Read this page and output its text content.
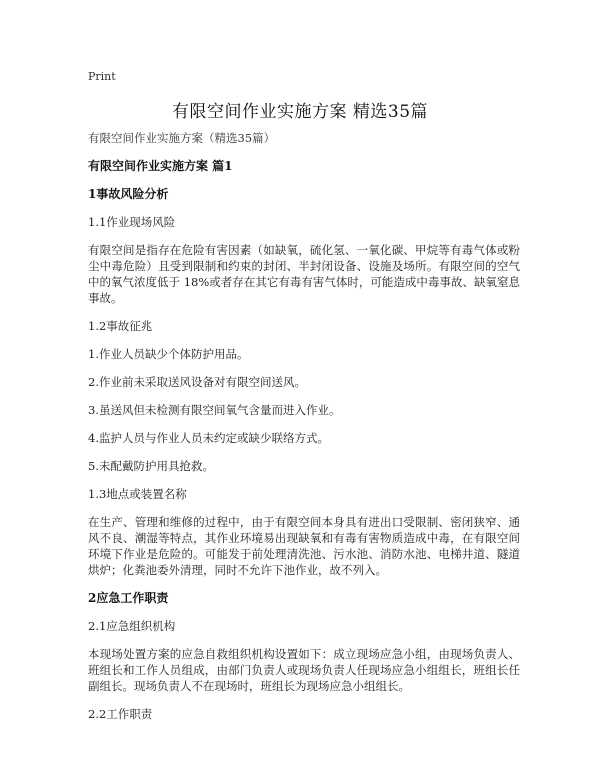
Print
有限空间作业实施方案 精选35篇
有限空间作业实施方案（精选35篇）
有限空间作业实施方案 篇1
1事故风险分析
1.1作业现场风险
有限空间是指存在危险有害因素（如缺氧，硫化氢、一氧化碳、甲烷等有毒气体或粉尘中毒危险）且受到限制和约束的封闭、半封闭设备、设施及场所。有限空间的空气中的氧气浓度低于 18%或者存在其它有毒有害气体时，可能造成中毒事故、缺氧窒息事故。
1.2事故征兆
1.作业人员缺少个体防护用品。
2.作业前未采取送风设备对有限空间送风。
3.虽送风但未检测有限空间氧气含量而进入作业。
4.监护人员与作业人员未约定或缺少联络方式。
5.未配戴防护用具抢救。
1.3地点或装置名称
在生产、管理和维修的过程中，由于有限空间本身具有进出口受限制、密闭狭窄、通风不良、潮湿等特点，其作业环境易出现缺氧和有毒有害物质造成中毒，在有限空间环境下作业是危险的。可能发于前处理清洗池、污水池、消防水池、电梯井道、隧道烘炉；化粪池委外清理，同时不允许下池作业，故不列入。
2应急工作职责
2.1应急组织机构
本现场处置方案的应急自救组织机构设置如下：成立现场应急小组，由现场负责人、班组长和工作人员组成，由部门负责人或现场负责人任现场应急小组组长，班组长任副组长。现场负责人不在现场时，班组长为现场应急小组组长。
2.2工作职责
